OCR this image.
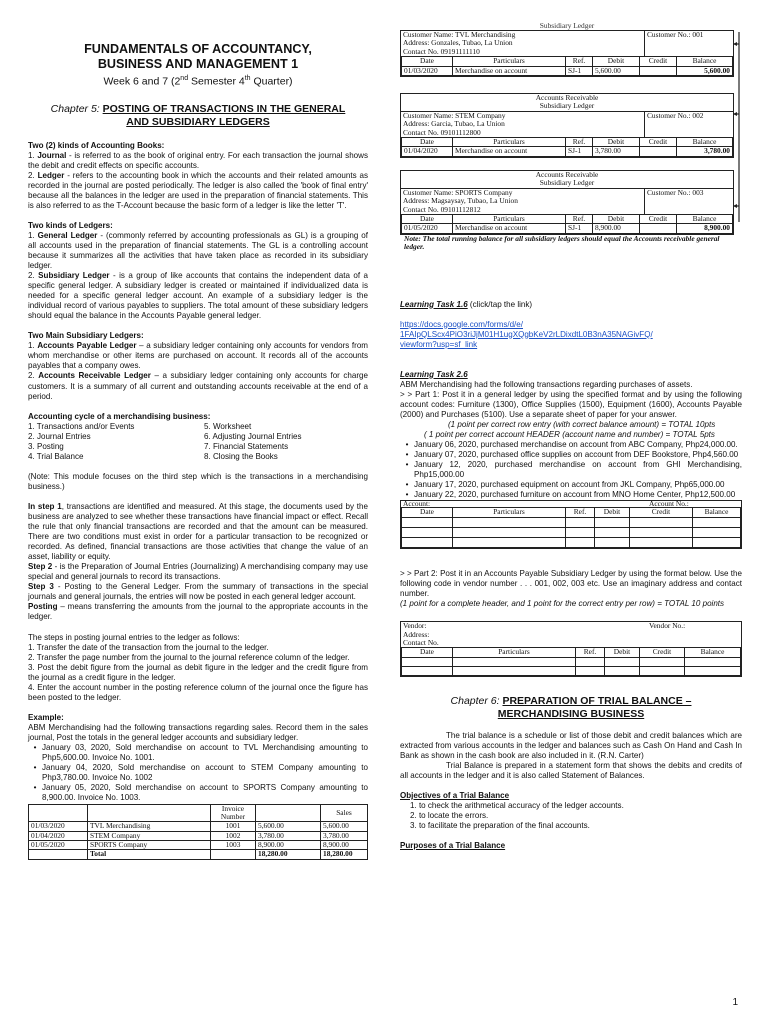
FUNDAMENTALS OF ACCOUNTANCY,
BUSINESS AND MANAGEMENT 1

Week 6 and 7 (2nd Semester 4th Quarter)

Chapter 5: POSTING OF TRANSACTIONS IN THE GENERAL

AND SUBSIDIARY LEDGERS

Two (2) kinds of Accounting Books:

1. Journal - is referred to as the book of original entry. For each transaction the journal shows the debit and credit effects on specific accounts.

2. Ledger - refers to the accounting book in which the accounts and their related amounts as recorded in the journal are posted periodically. The ledger is also called the 'book of final entry' because all the balances in the ledger are used in the preparation of financial statements. This is also referred to as the T-Account because the basic form of a ledger is like the letter 'T'.

Two kinds of Ledgers:

1. General Ledger - (commonly referred by accounting professionals as GL) is a grouping of all accounts used in the preparation of financial statements. The GL is a controlling account because it summarizes all the activities that have taken place as recorded in its subsidiary ledger.

2. Subsidiary Ledger - is a group of like accounts that contains the independent data of a specific general ledger. A subsidiary ledger is created or maintained if individualized data is needed for a specific general ledger account. An example of a subsidiary ledger is the individual record of various payables to suppliers. The total amount of these subsidiary ledgers should equal the balance in the Accounts Payable general ledger.

Two Main Subsidiary Ledgers:

1. Accounts Payable Ledger – a subsidiary ledger containing only accounts for vendors from whom merchandise or other items are purchased on account. It records all of the accounts payables that a company owes.

2. Accounts Receivable Ledger – a subsidiary ledger containing only accounts for charge customers. It is a summary of all current and outstanding accounts receivable at the end of a period.

Accounting cycle of a merchandising business:

1. Transactions and/or Events

2. Journal Entries

3. Posting

4. Trial Balance

5. Worksheet

6. Adjusting Journal Entries

7. Financial Statements

8. Closing the Books

(Note: This module focuses on the third step which is the transactions in a merchandising business.)

In step 1, transactions are identified and measured. At this stage, the documents used by the business are analyzed to see whether these transactions have financial impact or effect. Recall the rule that only financial transactions are recorded and that the amount can be measured. There are two conditions must exist in order for a particular transaction to be recognized or recorded. As defined, financial transactions are those activities that change the value of an asset, liability or equity.

Step 2 - is the Preparation of Journal Entries (Journalizing) A merchandising company may use special and general journals to record its transactions.

Step 3 - Posting to the General Ledger. From the summary of transactions in the special journals and general journals, the entries will now be posted in each general ledger account.

Posting – means transferring the amounts from the journal to the appropriate accounts in the ledger.

The steps in posting journal entries to the ledger as follows:

1. Transfer the date of the transaction from the journal to the ledger.

2. Transfer the page number from the journal to the journal reference column of the ledger.

3. Post the debit figure from the journal as debit figure in the ledger and the credit figure from the journal as a credit figure in the ledger.

4. Enter the account number in the posting reference column of the journal once the figure has been posted to the ledger.

Example:

ABM Merchandising had the following transactions regarding sales. Record them in the sales journal, Post the totals in the general ledger accounts and subsidiary ledger.

• January 03, 2020, Sold merchandise on account to TVL Merchandising amounting to Php5,600.00. Invoice No. 1001.
• January 04, 2020, Sold merchandise on account to STEM Company amounting to Php3,780.00. Invoice No. 1002
• January 05, 2020, Sold merchandise on account to SPORTS Company amounting to 8,900.00. Invoice No. 1003.
		Invoice Number		Sales
01/03/2020	TVL Merchandising	1001	5,600.00	5,600.00
01/04/2020	STEM Company	1002	3,780.00	3,780.00
01/05/2020	SPORTS Company	1003	8,900.00	8,900.00
	Total		18,280.00	18,280.00
Subsidiary Ledger
Customer Name: TVL Merchandising
Address: Gonzales, Tubao, La Union
Contact No. 09191111110
Customer No.: 001
Date	Particulars	Ref.	Debit	Credit	Balance
01/03/2020	Merchandise on account	SJ-1	5,600.00		5,600.00
Accounts Receivable
Subsidiary Ledger
Customer Name: STEM Company
Address: Garcia, Tubao, La Union
Contact No. 09101112800
Customer No.: 002
Date	Particulars	Ref.	Debit	Credit	Balance
01/04/2020	Merchandise on account	SJ-1	3,780.00		3,780.00
Accounts Receivable
Subsidiary Ledger
Customer Name: SPORTS Company
Address: Magsaysay, Tubao, La Union
Contact No. 09101112812
Customer No.: 003
Date	Particulars	Ref.	Debit	Credit	Balance
01/05/2020	Merchandise on account	SJ-1	8,900.00		8,900.00
Note: The total running balance for all subsidiary ledgers should equal the Accounts receivable general ledger.

Learning Task 1.6 (click/tap the link)

https://docs.google.com/forms/d/e/
1FAIpQLScx4PiO3riJjM01H1ugXQgbKeV2rLDixdtL0B3nA35NAGivFQ/
viewform?usp=sf_link

Learning Task 2.6

ABM Merchandising had the following transactions regarding purchases of assets.

> > Part 1: Post it in a general ledger by using the specified format and by using the following account codes: Furniture (1300), Office Supplies (1500), Equipment (1600), Accounts Payable (2000) and Purchases (5100). Use a separate sheet of paper for your answer.

(1 point per correct row entry (with correct balance amount) = TOTAL 10pts

( 1 point per correct account HEADER (account name and number) = TOTAL 5pts

• January 06, 2020, purchased merchandise on account from ABC Company, Php24,000.00.
• January 07, 2020, purchased office supplies on account from DEF Bookstore, Php4,560.00
• January 12, 2020, purchased merchandise on account from GHI Merchandising, Php15,000.00
• January 17, 2020, purchased equipment on account from JKL Company, Php65,000.00
• January 22, 2020, purchased furniture on account from MNO Home Center, Php12,500.00
Account:	Account No.:
Date	Particulars	Ref.	Debit	Credit	Balance

> > Part 2: Post it in an Accounts Payable Subsidiary Ledger by using the format below. Use the following code in vendor number . . . 001, 002, 003 etc. Use an imaginary address and contact number.

(1 point for a complete header, and 1 point for the correct entry per row) = TOTAL 10 points

Vendor:
Address:
Contact No.
Vendor No.:
Date	Particulars	Ref.	Debit	Credit	Balance

Chapter 6: PREPARATION OF TRIAL BALANCE –

MERCHANDISING BUSINESS

The trial balance is a schedule or list of those debit and credit balances which are extracted from various accounts in the ledger and balances such as Cash On Hand and Cash In Bank as shown in the cash book are also included in it. (R.N. Carter)

Trial Balance is prepared in a statement form that shows the debits and credits of all accounts in the ledger and it is also called Statement of Balances.

Objectives of a Trial Balance

1. to check the arithmetical accuracy of the ledger accounts.

2. to locate the errors.

3. to facilitate the preparation of the final accounts.

Purposes of a Trial Balance

1
